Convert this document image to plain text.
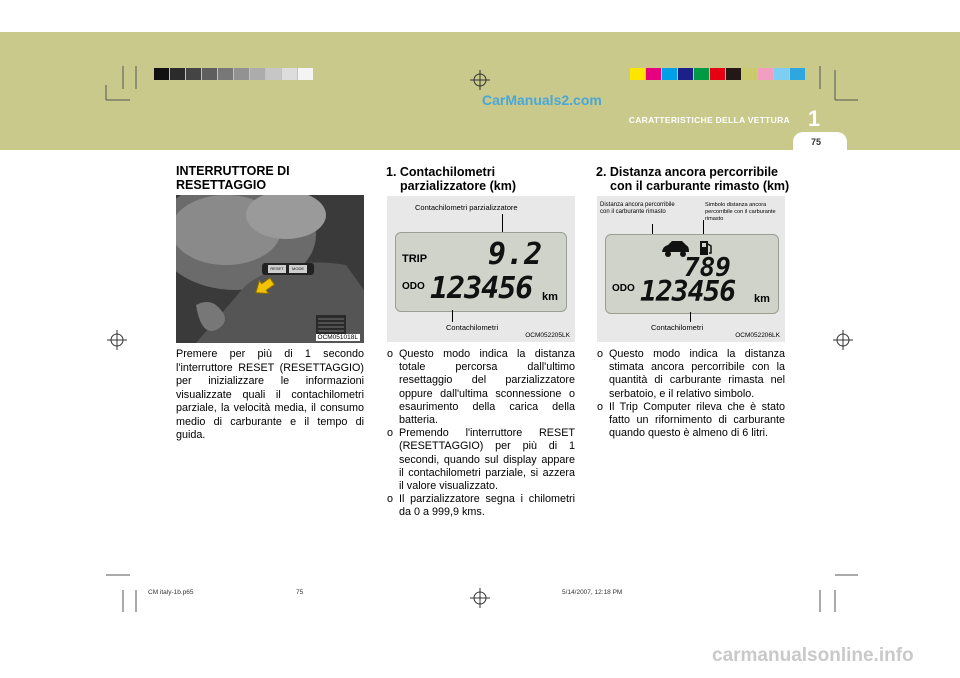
CarManuals2.com
CARATTERISTICHE DELLA VETTURA 1
75
INTERRUTTORE DI
RESETTAGGIO
RESET	MODE
OCM051018L
Premere per più di 1 secondo l'interruttore RESET (RESETTAGGIO) per inizializzare le informazioni visualizzate quali il contachilometri parziale, la velocità media, il consumo medio di carburante e il tempo di guida.
1. Contachilometri
parzializzatore (km)
Contachilometri parzializzatore
TRIP 9.2
ODO 123456 km
Contachilometri
OCM052205LK
o Questo modo indica la distanza totale percorsa dall'ultimo resettaggio del parzializzatore oppure dall'ultima sconnessione o esaurimento della carica della batteria.
o Premendo l'interruttore RESET (RESETTAGGIO) per più di 1 secondi, quando sul display appare il contachilometri parziale, si azzera il valore visualizzato.
o Il parzializzatore segna i chilometri da 0 a 999,9 kms.
2. Distanza ancora percorribile
con il carburante rimasto (km)
Distanza ancora percorribile con il carburante rimasto
Simbolo distanza ancora percorribile con il carburante rimasto
789
ODO 123456 km
Contachilometri
OCM052206LK
o Questo modo indica la distanza stimata ancora percorribile con la quantità di carburante rimasta nel serbatoio, e il relativo simbolo.
o Il Trip Computer rileva che è stato fatto un rifornimento di carburante quando questo è almeno di 6 litri.
CM italy-1b.p65	75	5/14/2007, 12:18 PM
carmanualsonline.info
